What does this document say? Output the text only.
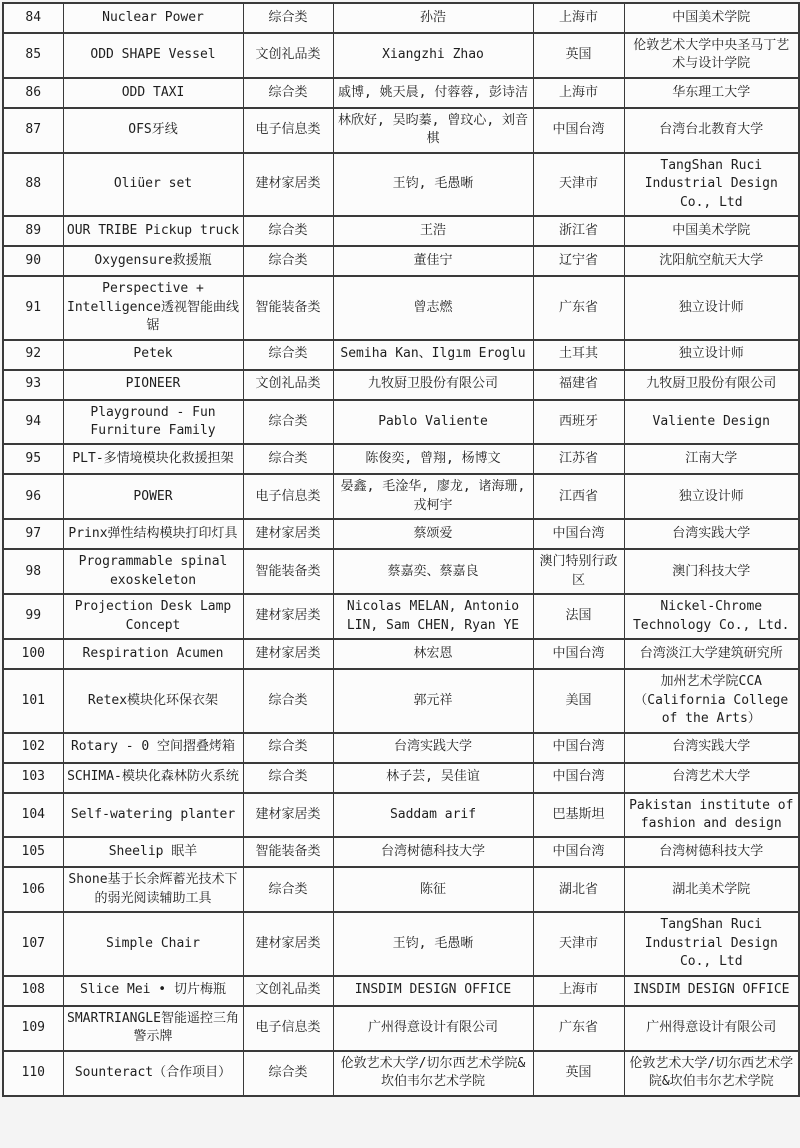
84	Nuclear Power	综合类	孙浩	上海市	中国美术学院
85	ODD SHAPE Vessel	文创礼品类	Xiangzhi Zhao	英国	伦敦艺术大学中央圣马丁艺术与设计学院
86	ODD TAXI	综合类	戚博, 姚天晨, 付蓉蓉, 彭诗洁	上海市	华东理工大学
87	OFS牙线	电子信息类	林欣好, 吴昀蓁, 曾玟心, 刘音棋	中国台湾	台湾台北教育大学
88	Oliüer set	建材家居类	王钧, 毛愚晰	天津市	TangShan Ruci Industrial Design Co., Ltd
89	OUR TRIBE Pickup truck	综合类	王浩	浙江省	中国美术学院
90	Oxygensure救援瓶	综合类	董佳宁	辽宁省	沈阳航空航天大学
91	Perspective + Intelligence透视智能曲线锯	智能装备类	曾志燃	广东省	独立设计师
92	Petek	综合类	Semiha Kan、Ilgım Eroglu	土耳其	独立设计师
93	PIONEER	文创礼品类	九牧厨卫股份有限公司	福建省	九牧厨卫股份有限公司
94	Playground - Fun Furniture Family	综合类	Pablo Valiente	西班牙	Valiente Design
95	PLT-多情境模块化救援担架	综合类	陈俊奕, 曾翔, 杨博文	江苏省	江南大学
96	POWER	电子信息类	晏鑫, 毛淦华, 廖龙, 诸海珊, 戎柯宇	江西省	独立设计师
97	Prinx弹性结构模块打印灯具	建材家居类	蔡颂爱	中国台湾	台湾实践大学
98	Programmable spinal exoskeleton	智能装备类	蔡嘉奕、蔡嘉良	澳门特别行政区	澳门科技大学
99	Projection Desk Lamp Concept	建材家居类	Nicolas MELAN, Antonio LIN, Sam CHEN, Ryan YE	法国	Nickel-Chrome Technology Co., Ltd.
100	Respiration Acumen	建材家居类	林宏恩	中国台湾	台湾淡江大学建筑研究所
101	Retex模块化环保衣架	综合类	郭元祥	美国	加州艺术学院CCA（California College of the Arts）
102	Rotary - 0 空间摺叠烤箱	综合类	台湾实践大学	中国台湾	台湾实践大学
103	SCHIMA-模块化森林防火系统	综合类	林子芸, 吴佳谊	中国台湾	台湾艺术大学
104	Self-watering planter	建材家居类	Saddam arif	巴基斯坦	Pakistan institute of fashion and design
105	Sheelip 眠羊	智能装备类	台湾树德科技大学	中国台湾	台湾树德科技大学
106	Shone基于长余辉蓄光技术下的弱光阅读辅助工具	综合类	陈征	湖北省	湖北美术学院
107	Simple Chair	建材家居类	王钧, 毛愚晰	天津市	TangShan Ruci Industrial Design Co., Ltd
108	Slice Mei • 切片梅瓶	文创礼品类	INSDIM DESIGN OFFICE	上海市	INSDIM DESIGN OFFICE
109	SMARTRIANGLE智能遥控三角警示牌	电子信息类	广州得意设计有限公司	广东省	广州得意设计有限公司
110	Sounteract（合作项目）	综合类	伦敦艺术大学/切尔西艺术学院&坎伯韦尔艺术学院	英国	伦敦艺术大学/切尔西艺术学院&坎伯韦尔艺术学院
